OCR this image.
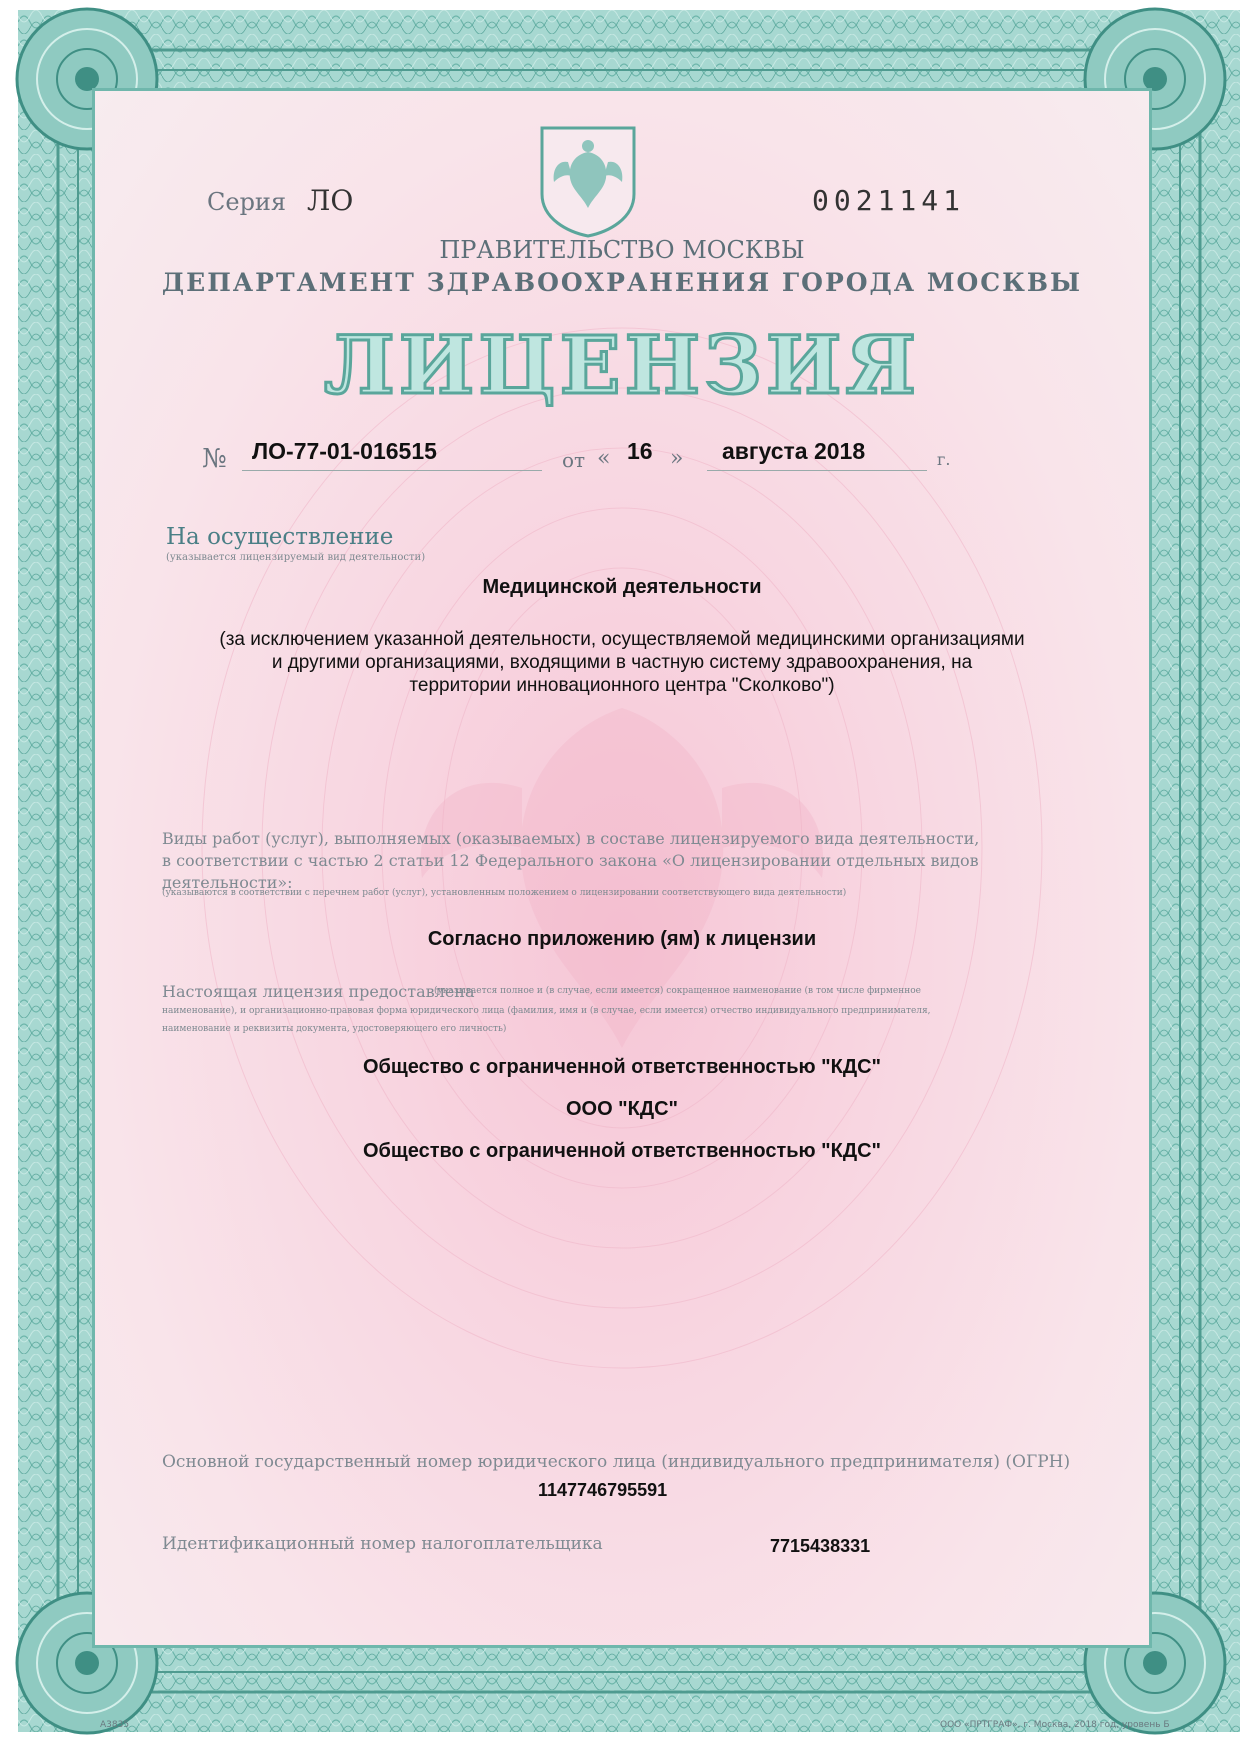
Серия ЛО	0021141
ПРАВИТЕЛЬСТВО МОСКВЫ
ДЕПАРТАМЕНТ ЗДРАВООХРАНЕНИЯ ГОРОДА МОСКВЫ
ЛИЦЕНЗИЯ
№ ЛО-77-01-016515	от « 16 » августа 2018	г.
На осуществление
(указывается лицензируемый вид деятельности)
Медицинской деятельности
(за исключением указанной деятельности, осуществляемой медицинскими организациями
и другими организациями, входящими в частную систему здравоохранения, на
территории инновационного центра "Сколково")
Виды работ (услуг), выполняемых (оказываемых) в составе лицензируемого вида деятельности,
в соответствии с частью 2 статьи 12 Федерального закона «О лицензировании отдельных видов деятельности»:
(указываются в соответствии с перечнем работ (услуг), установленным положением о лицензировании соответствующего вида деятельности)
Согласно приложению (ям) к лицензии
Настоящая лицензия предоставлена
(указывается полное и (в случае, если имеется) сокращенное наименование (в том числе фирменное
наименование), и организационно-правовая форма юридического лица (фамилия, имя и (в случае, если имеется) отчество индивидуального предпринимателя,
наименование и реквизиты документа, удостоверяющего его личность)
Общество с ограниченной ответственностью "КДС"
ООО "КДС"
Общество с ограниченной ответственностью "КДС"
Основной государственный номер юридического лица (индивидуального предпринимателя) (ОГРН)
1147746795591
Идентификационный номер налогоплательщика	7715438331
А3835	ООО «ПРТГРАФ», г. Москва, 2018 год, уровень Б
